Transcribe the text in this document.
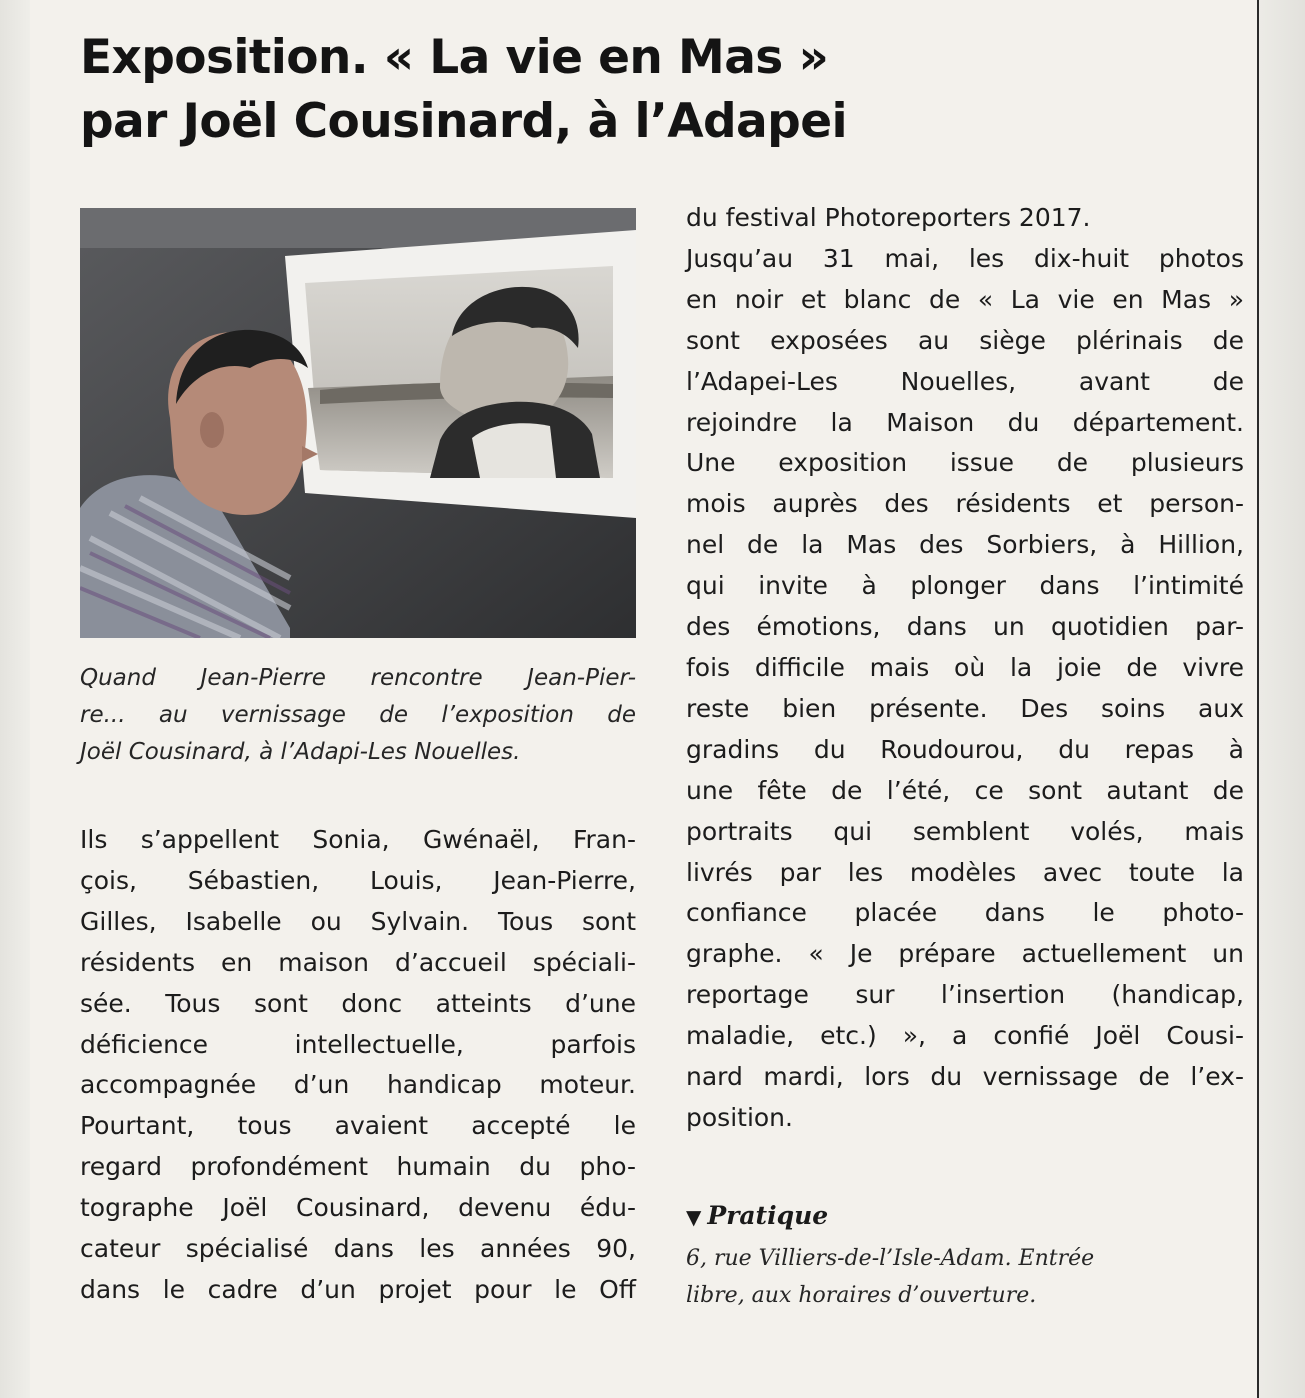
Exposition. « La vie en Mas »
par Joël Cousinard, à l’Adapei

Quand Jean-Pierre rencontre Jean-Pier-
re... au vernissage de l’exposition de
Joël Cousinard, à l’Adapi-Les Nouelles.

Ils s’appellent Sonia, Gwénaël, Fran-
çois, Sébastien, Louis, Jean-Pierre,
Gilles, Isabelle ou Sylvain. Tous sont
résidents en maison d’accueil spéciali-
sée. Tous sont donc atteints d’une
déficience intellectuelle, parfois
accompagnée d’un handicap moteur.
Pourtant, tous avaient accepté le
regard profondément humain du pho-
tographe Joël Cousinard, devenu édu-
cateur spécialisé dans les années 90,
dans le cadre d’un projet pour le Off
du festival Photoreporters 2017.
Jusqu’au 31 mai, les dix-huit photos
en noir et blanc de « La vie en Mas »
sont exposées au siège plérinais de
l’Adapei-Les Nouelles, avant de
rejoindre la Maison du département.
Une exposition issue de plusieurs
mois auprès des résidents et person-
nel de la Mas des Sorbiers, à Hillion,
qui invite à plonger dans l’intimité
des émotions, dans un quotidien par-
fois difficile mais où la joie de vivre
reste bien présente. Des soins aux
gradins du Roudourou, du repas à
une fête de l’été, ce sont autant de
portraits qui semblent volés, mais
livrés par les modèles avec toute la
confiance placée dans le photo-
graphe. « Je prépare actuellement un
reportage sur l’insertion (handicap,
maladie, etc.) », a confié Joël Cousi-
nard mardi, lors du vernissage de l’ex-
position.

▼ Pratique

6, rue Villiers-de-l’Isle-Adam. Entrée
libre, aux horaires d’ouverture.
